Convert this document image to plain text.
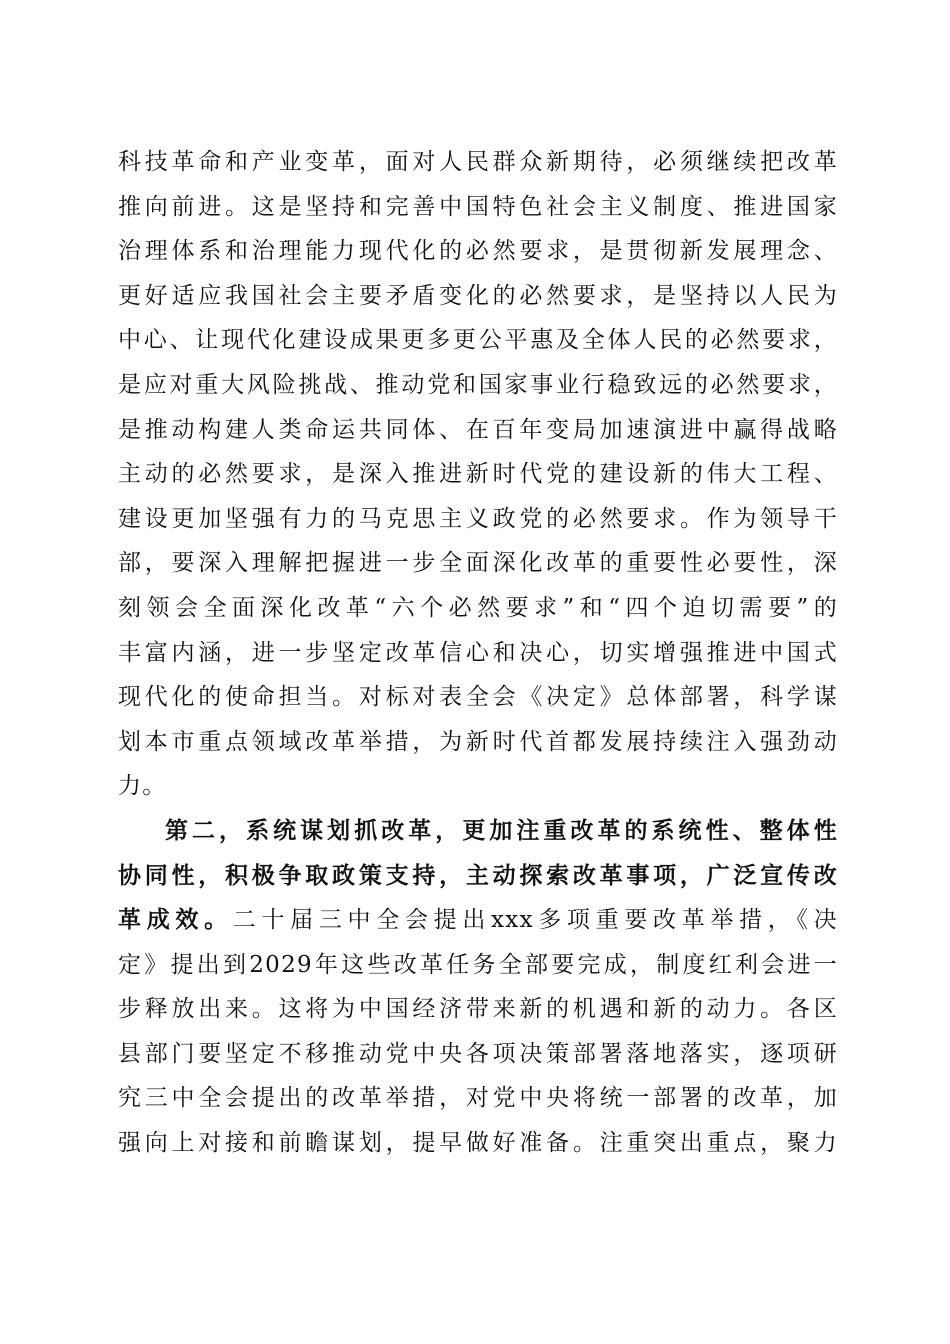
科技革命和产业变革，面对人民群众新期待，必须继续把改革
推向前进。这是坚持和完善中国特色社会主义制度、推进国家
治理体系和治理能力现代化的必然要求，是贯彻新发展理念、
更好适应我国社会主要矛盾变化的必然要求，是坚持以人民为
中心、让现代化建设成果更多更公平惠及全体人民的必然要求，
是应对重大风险挑战、推动党和国家事业行稳致远的必然要求，
是推动构建人类命运共同体、在百年变局加速演进中赢得战略
主动的必然要求，是深入推进新时代党的建设新的伟大工程、
建设更加坚强有力的马克思主义政党的必然要求。作为领导干
部，要深入理解把握进一步全面深化改革的重要性必要性，深
刻领会全面深化改革“六个必然要求”和“四个迫切需要”的
丰富内涵，进一步坚定改革信心和决心，切实增强推进中国式
现代化的使命担当。对标对表全会《决定》总体部署，科学谋
划本市重点领域改革举措，为新时代首都发展持续注入强劲动
力。
第二，系统谋划抓改革，更加注重改革的系统性、整体性
协同性，积极争取政策支持，主动探索改革事项，广泛宣传改
革成效。二十届三中全会提出xxx多项重要改革举措，《决
定》提出到2029年这些改革任务全部要完成，制度红利会进一
步释放出来。这将为中国经济带来新的机遇和新的动力。各区
县部门要坚定不移推动党中央各项决策部署落地落实，逐项研
究三中全会提出的改革举措，对党中央将统一部署的改革，加
强向上对接和前瞻谋划，提早做好准备。注重突出重点，聚力
